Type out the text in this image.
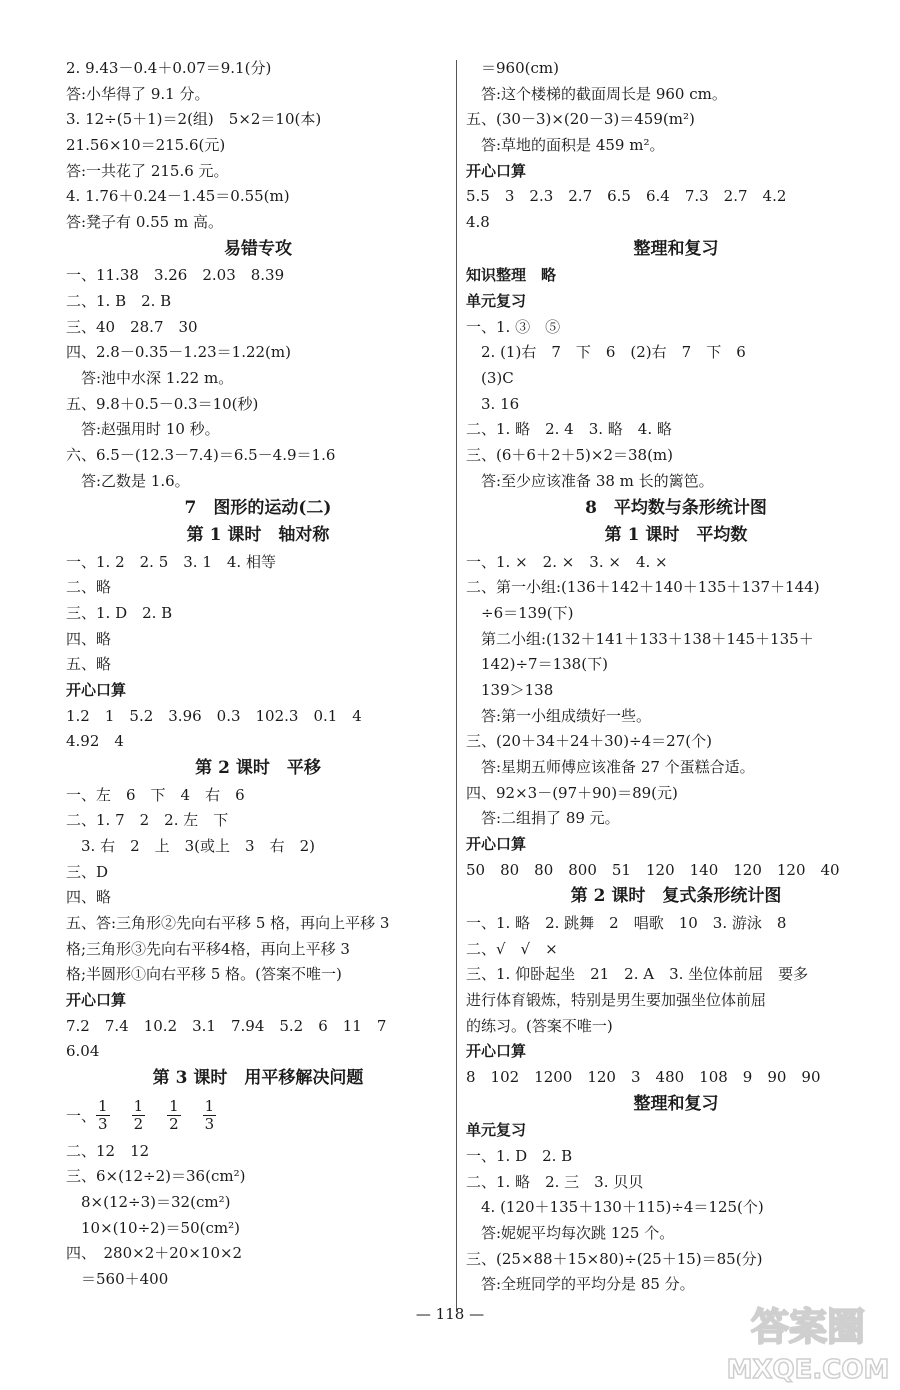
2. 9.43－0.4＋0.07＝9.1(分)
答:小华得了 9.1 分。
3. 12÷(5＋1)＝2(组)　5×2＝10(本)
21.56×10＝215.6(元)
答:一共花了 215.6 元。
4. 1.76＋0.24－1.45＝0.55(m)
答:凳子有 0.55 m 高。
易错专攻
一、11.38　3.26　2.03　8.39
二、1. B　2. B
三、40　28.7　30
四、2.8－0.35－1.23＝1.22(m)
　答:池中水深 1.22 m。
五、9.8＋0.5－0.3＝10(秒)
　答:赵强用时 10 秒。
六、6.5－(12.3－7.4)＝6.5－4.9＝1.6
　答:乙数是 1.6。
7　图形的运动(二)
第 1 课时　轴对称
一、1. 2　2. 5　3. 1　4. 相等
二、略
三、1. D　2. B
四、略
五、略
开心口算
1.2　1　5.2　3.96　0.3　102.3　0.1　4
4.92　4
第 2 课时　平移
一、左　6　下　4　右　6
二、1. 7　2　2. 左　下
　3. 右　2　上　3(或上　3　右　2)
三、D
四、略
五、答:三角形②先向右平移 5 格，再向上平移 3
格;三角形③先向右平移4格，再向上平移 3
格;半圆形①向右平移 5 格。(答案不唯一)
开心口算
7.2　7.4　10.2　3.1　7.94　5.2　6　11　7
6.04
第 3 课时　用平移解决问题
一、 $\frac{1}{3} \frac{1}{2} \frac{1}{2} \frac{1}{3}$
二、12　12
三、6×(12÷2)＝36(cm²)
　8×(12÷3)＝32(cm²)
　10×(10÷2)＝50(cm²)
四、　280×2＋20×10×2
　＝560＋400
　＝960(cm)
　答:这个楼梯的截面周长是 960 cm。
五、(30－3)×(20－3)＝459(m²)
　答:草地的面积是 459 m²。
开心口算
5.5　3　2.3　2.7　6.5　6.4　7.3　2.7　4.2
4.8
整理和复习
知识整理　略
单元复习
一、1. ③　⑤
　2. (1)右　7　下　6　(2)右　7　下　6
　(3)C
　3. 16
二、1. 略　2. 4　3. 略　4. 略
三、(6＋6＋2＋5)×2＝38(m)
　答:至少应该准备 38 m 长的篱笆。
8　平均数与条形统计图
第 1 课时　平均数
一、1. ×　2. ×　3. ×　4. ×
二、第一小组:(136＋142＋140＋135＋137＋144)
　÷6＝139(下)
　第二小组:(132＋141＋133＋138＋145＋135＋
　142)÷7＝138(下)
　139＞138
　答:第一小组成绩好一些。
三、(20＋34＋24＋30)÷4＝27(个)
　答:星期五师傅应该准备 27 个蛋糕合适。
四、92×3－(97＋90)＝89(元)
　答:二组捐了 89 元。
开心口算
50　80　80　800　51　120　140　120　120　40
第 2 课时　复式条形统计图
一、1. 略　2. 跳舞　2　唱歌　10　3. 游泳　8
二、√　√　×
三、1. 仰卧起坐　21　2. A　3. 坐位体前屈　要多
进行体育锻炼，特别是男生要加强坐位体前屈
的练习。(答案不唯一)
开心口算
8　102　1200　120　3　480　108　9　90　90
整理和复习
单元复习
一、1. D　2. B
二、1. 略　2. 三　3. 贝贝
　4. (120＋135＋130＋115)÷4＝125(个)
　答:妮妮平均每次跳 125 个。
三、(25×88＋15×80)÷(25＋15)＝85(分)
　答:全班同学的平均分是 85 分。
— 118 —	答案圈
MXQE.COM
